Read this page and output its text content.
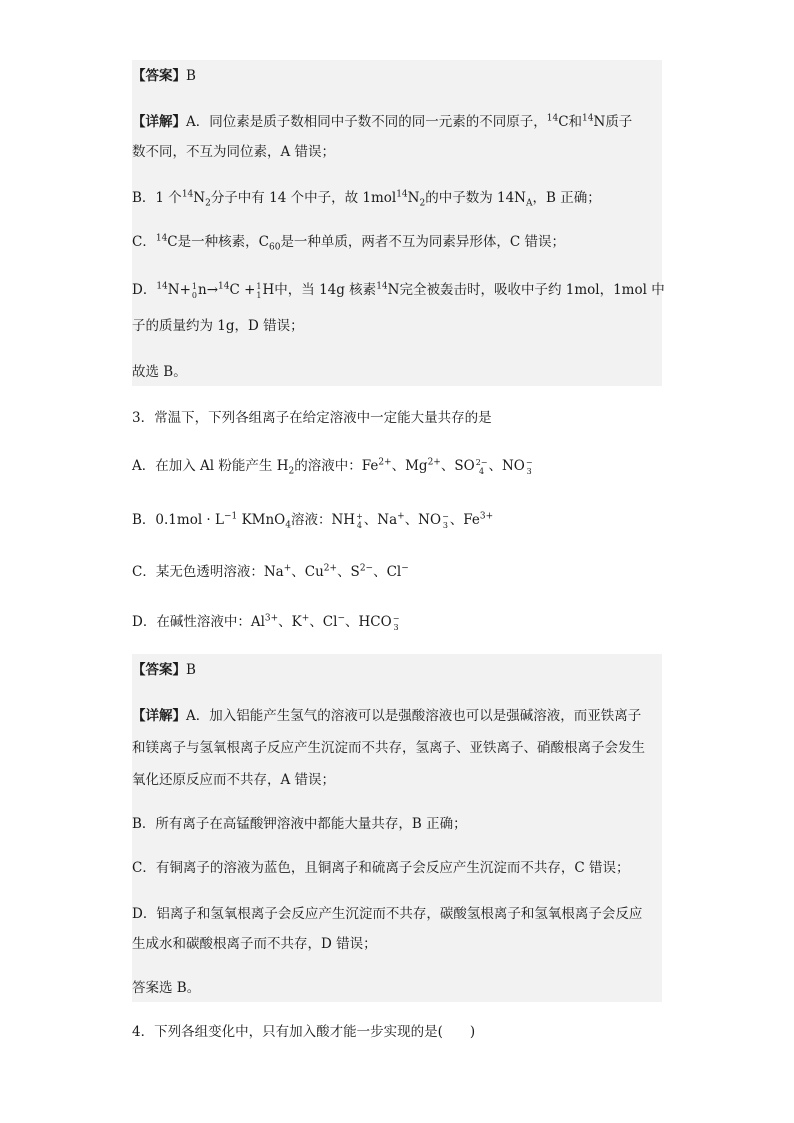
【答案】B
【详解】A．同位素是质子数相同中子数不同的同一元素的不同原子，$^{14}$C和$^{14}$N质子
数不同，不互为同位素，A 错误；
B．1 个$^{14}N_2$分子中有 14 个中子，故 $1mol^{14}N_2$的中子数为 $14N_A$，B 正确；
C．$^{14}$C是一种核素，$C_{60}$是一种单质，两者不互为同素异形体，C 错误；
D．$^{14}$N+ 1
0 n→$^{14}$C + 1
1 H中，当 14g 核素$^{14}$N完全被轰击时，吸收中子约 1mol，1mol 中
子的质量约为 1g，D 错误；
故选 B。
3．常温下，下列各组离子在给定溶液中一定能大量共存的是
A．在加入 Al 粉能产生 $H_2$的溶液中：$Fe^{2+}$、$Mg^{2+}$、SO 2−
4 、NO −
3
B．$0.1mol \cdot L^{-1}$ KMnO$_4$溶液：NH +
4 、Na+、NO −
3 、$Fe^{3+}$
C．某无色透明溶液：Na+、$Cu^{2+}$、$S^{2-}$、Cl−
D．在碱性溶液中：$Al^{3+}$、K+、Cl−、HCO −
3
【答案】B
【详解】A．加入铝能产生氢气的溶液可以是强酸溶液也可以是强碱溶液，而亚铁离子
和镁离子与氢氧根离子反应产生沉淀而不共存，氢离子、亚铁离子、硝酸根离子会发生
氧化还原反应而不共存，A 错误；
B．所有离子在高锰酸钾溶液中都能大量共存，B 正确；
C．有铜离子的溶液为蓝色，且铜离子和硫离子会反应产生沉淀而不共存，C 错误；
D．铝离子和氢氧根离子会反应产生沉淀而不共存，碳酸氢根离子和氢氧根离子会反应
生成水和碳酸根离子而不共存，D 错误；
答案选 B。
4．下列各组变化中，只有加入酸才能一步实现的是(　　)
